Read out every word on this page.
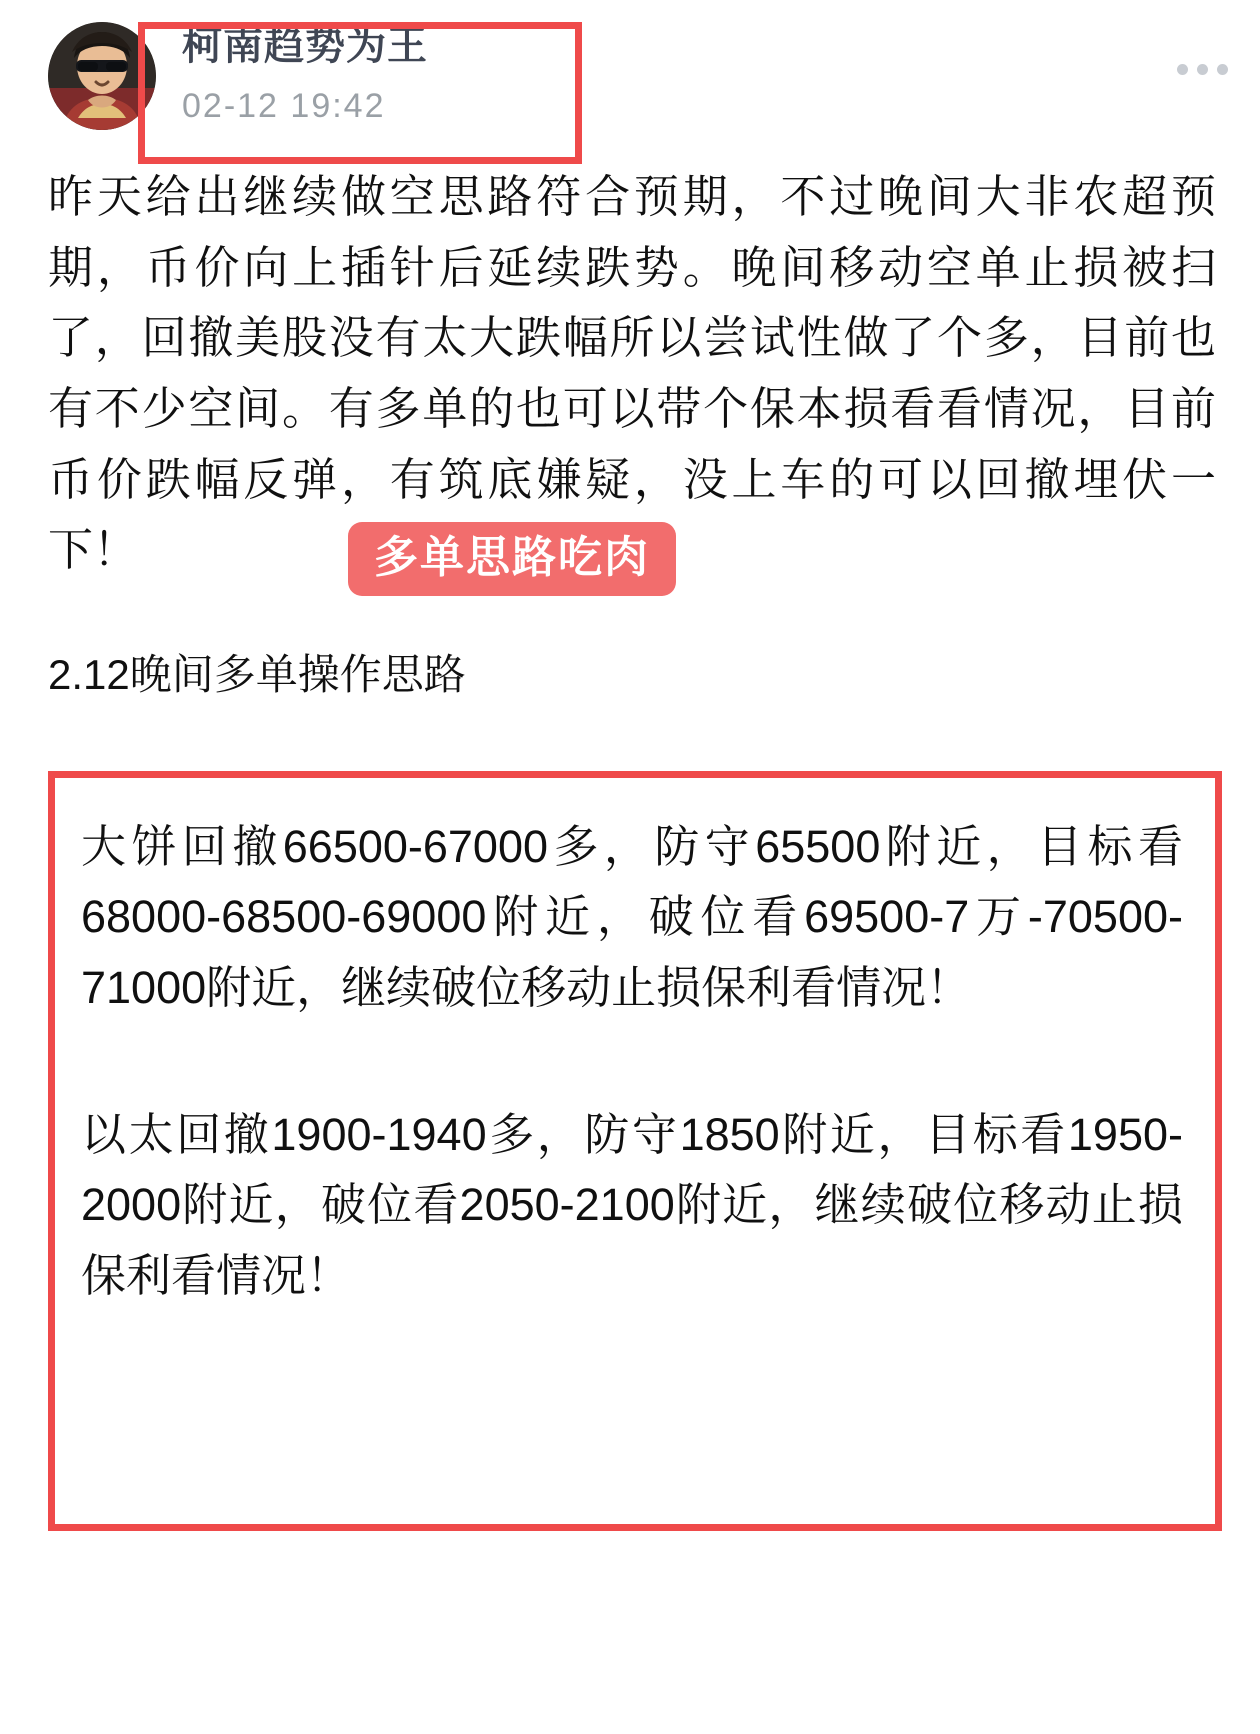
柯南趋势为王
02-12 19:42
昨天给出继续做空思路符合预期，不过晚间大非农超预期，币价向上插针后延续跌势。晚间移动空单止损被扫了，回撤美股没有太大跌幅所以尝试性做了个多，目前也有不少空间。有多单的也可以带个保本损看看情况，目前币价跌幅反弹，有筑底嫌疑，没上车的可以回撤埋伏一下！	多单思路吃肉
2.12晚间多单操作思路
大饼回撤66500-67000多，防守65500附近，目标看68000-68500-69000附近，破位看69500-7万-70500-71000附近，继续破位移动止损保利看情况！
以太回撤1900-1940多，防守1850附近，目标看1950-2000附近，破位看2050-2100附近，继续破位移动止损保利看情况！
